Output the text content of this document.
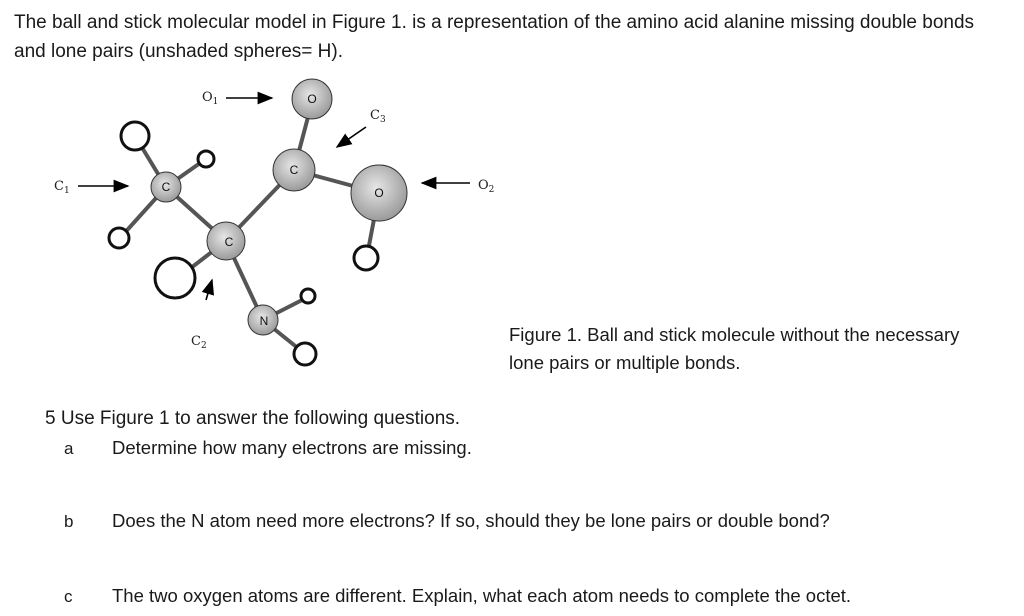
The ball and stick molecular model in Figure 1. is a representation of the amino acid alanine missing double bonds
and lone pairs (unshaded spheres= H).
C
C
C
O
O
N
$O_1$
$C_3$
$O_2$
$C_1$
$C_2$
Figure 1. Ball and stick molecule without the necessary
lone pairs or multiple bonds.
5 Use Figure 1 to answer the following questions.
a Determine how many electrons are missing.
b Does the N atom need more electrons? If so, should they be lone pairs or double bond?
c The two oxygen atoms are different. Explain, what each atom needs to complete the octet.
